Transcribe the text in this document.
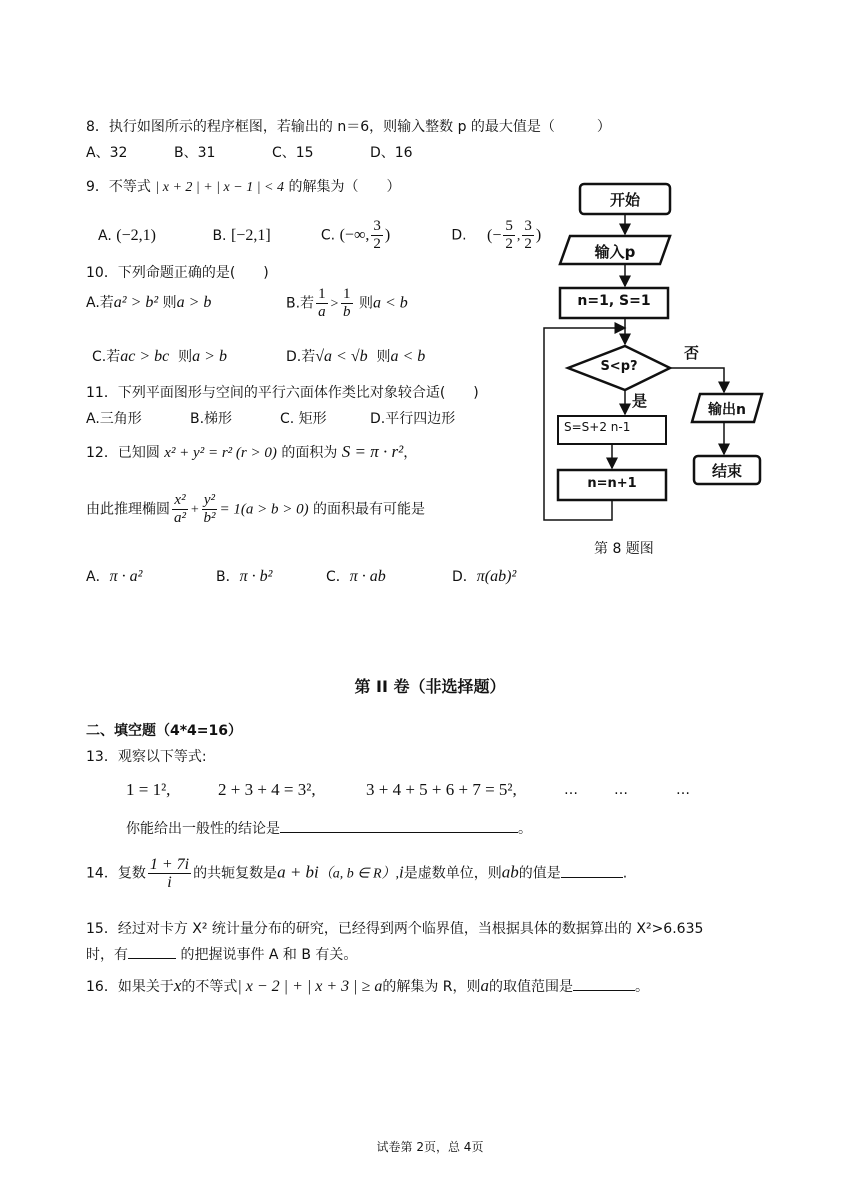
8．执行如图所示的程序框图，若输出的 n＝6，则输入整数 p 的最大值是（　　　）
A、32	B、31	C、15	D、16
9．不等式 | x + 2 | + | x − 1 | < 4 的解集为（　　）
A. (−2,1)	B. [−2,1]	C. (−∞, $\frac{3}{2}$ )	D. (− $\frac{5}{2}$ , $\frac{3}{2}$ )
10．下列命题正确的是(　　)
A.若a² > b² 则a > b	B.若 $\frac{1}{a} > \frac{1}{b}$ 则a < b
C.若ac > bc 则a > b	D.若√a < √b 则a < b
11．下列平面图形与空间的平行六面体作类比对象较合适(　　)
A.三角形	B.梯形	C. 矩形	D.平行四边形
12．已知圆 x² + y² = r² (r > 0) 的面积为 S = π · r²，
由此推理椭圆 $\frac{\text{x²}}{\text{a²}} + \frac{\text{y²}}{\text{b²}} = 1(a > b > 0)$ 的面积最有可能是
A．π · a²	B．π · b²	C．π · ab	D．π(ab)²
开始
输入p
n=1, S=1
S<p?
否
是	输出n
结束
S=S+2 n-1
n=n+1
第 8 题图
第 II 卷（非选择题）
二、填空题（4*4=16）
13．观察以下等式:
1 = 1²,	2 + 3 + 4 = 3²,	3 + 4 + 5 + 6 + 7 = 5²,	…	…	…
你能给出一般性的结论是	。
14．复数 $\frac{1 + 7i}{i}$ 的共轭复数是a + bi（a, b ∈ R）,i是虚数单位，则ab的值是	.
15．经过对卡方 X² 统计量分布的研究，已经得到两个临界值，当根据具体的数据算出的 X²>6.635
时，有	的把握说事件 A 和 B 有关。
16．如果关于x的不等式| x − 2 | + | x + 3 | ≥ a的解集为 R，则a的取值范围是	。
试卷第 2页，总 4页
